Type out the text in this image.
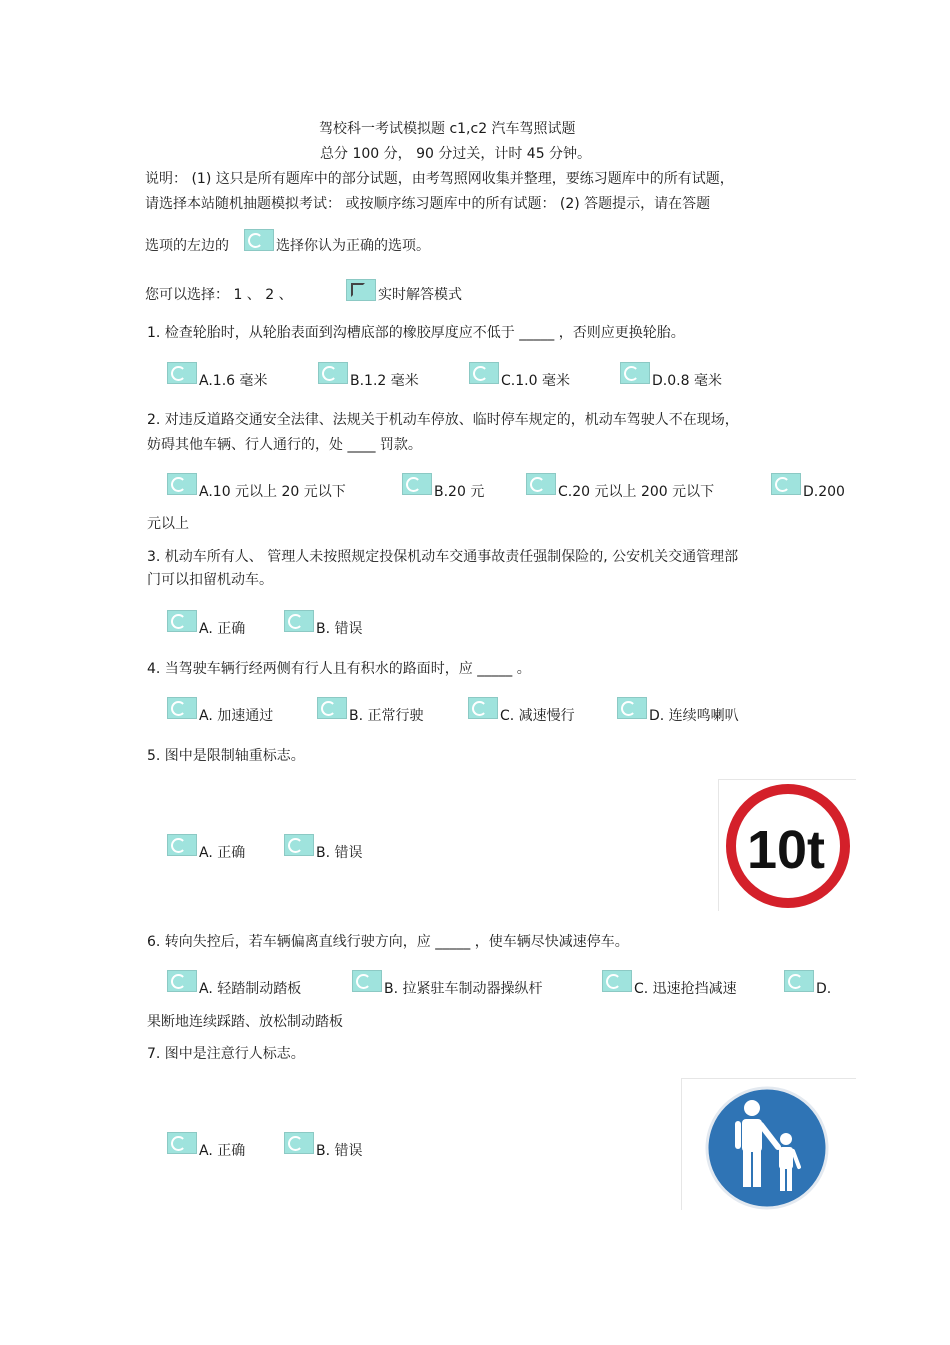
驾校科一考试模拟题 c1,c2 汽车驾照试题
总分 100 分， 90 分过关，计时 45 分钟。
说明： (1) 这只是所有题库中的部分试题，由考驾照网收集并整理，要练习题库中的所有试题，
请选择本站随机抽题模拟考试： 或按顺序练习题库中的所有试题： (2) 答题提示，请在答题
选项的左边的	选择你认为正确的选项。
您可以选择： 1 、 2 、	实时解答模式
1. 检查轮胎时，从轮胎表面到沟槽底部的橡胶厚度应不低于 _____ ，否则应更换轮胎。
A.1.6 毫米	B.1.2 毫米	C.1.0 毫米	D.0.8 毫米
2. 对违反道路交通安全法律、法规关于机动车停放、临时停车规定的，机动车驾驶人不在现场，
妨碍其他车辆、行人通行的，处 ____ 罚款。
A.10 元以上 20 元以下	B.20 元	C.20 元以上 200 元以下	D.200
元以上
3. 机动车所有人、 管理人未按照规定投保机动车交通事故责任强制保险的, 公安机关交通管理部
门可以扣留机动车。
A. 正确	B. 错误
4. 当驾驶车辆行经两侧有行人且有积水的路面时，应 _____ 。
A. 加速通过	B. 正常行驶	C. 减速慢行	D. 连续鸣喇叭
5. 图中是限制轴重标志。
A. 正确	B. 错误	10t
6. 转向失控后，若车辆偏离直线行驶方向，应 _____ ，使车辆尽快减速停车。
A. 轻踏制动踏板	B. 拉紧驻车制动器操纵杆	C. 迅速抢挡减速	D.
果断地连续踩踏、放松制动踏板
7. 图中是注意行人标志。
A. 正确	B. 错误
